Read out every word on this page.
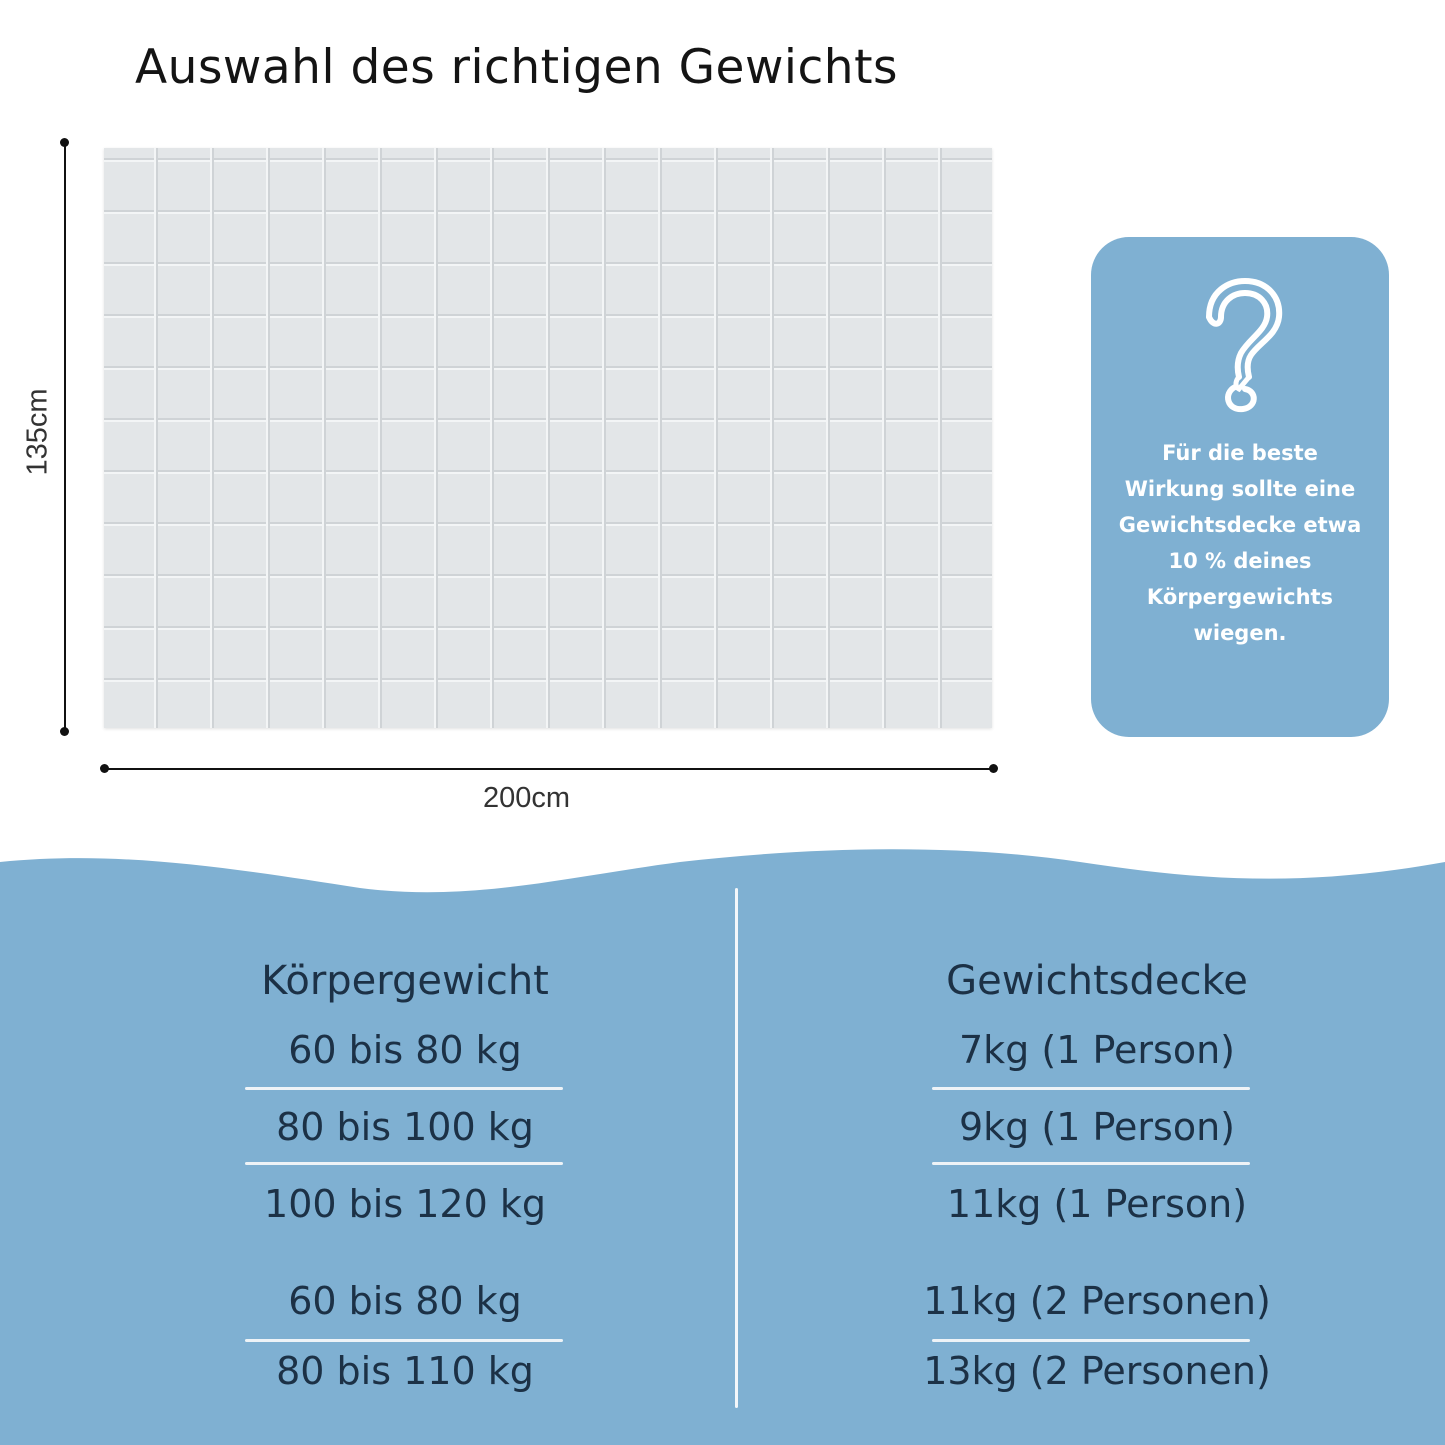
Auswahl des richtigen Gewichts
135cm
200cm
Für die beste Wirkung sollte eine Gewichtsdecke etwa 10 % deines Körpergewichts wiegen.
Körpergewicht	Gewichtsdecke
60 bis 80 kg
80 bis 100 kg
100 bis 120 kg
60 bis 80 kg
80 bis 110 kg
7kg (1 Person)
9kg (1 Person)
11kg (1 Person)
11kg (2 Personen)
13kg (2 Personen)
